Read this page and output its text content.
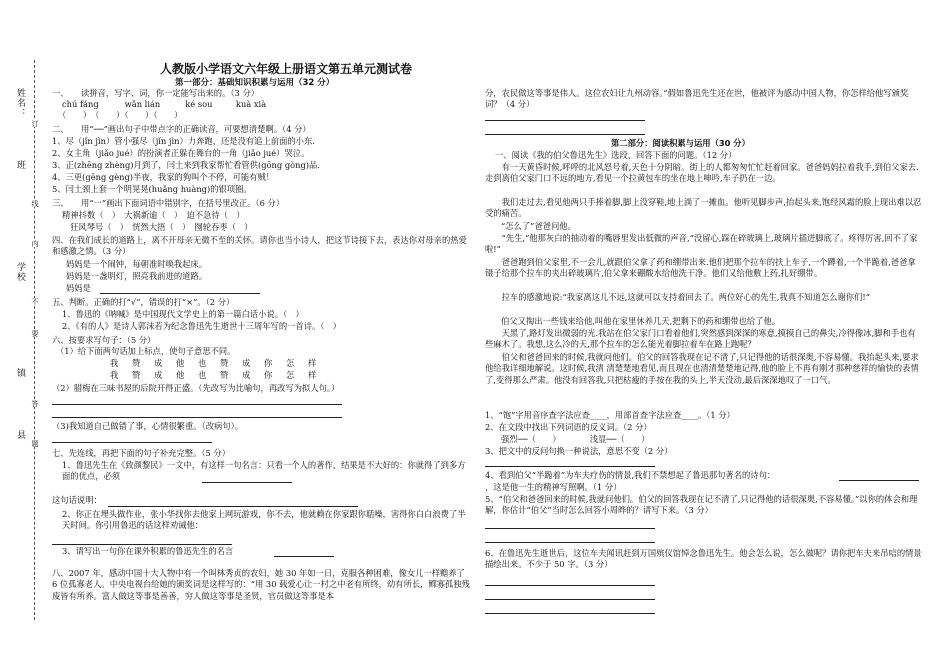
姓名：
班
学校
镇
县
订
线
内
不
要
答
题
人教版小学语文六年级上册语文第五单元测试卷
第一部分：基础知识积累与运用（32 分）
一、　　读拼音，写字、词，你一定能写出来的。（3 分）
chú fáng	wǎn lián	ké sou	kuà xià
（　　）　（　　）（　　）（　　）
二、　　用“──”画出句子中带点字的正确读音，可要想清楚啊。（4 分）
1、尽（jǐn jìn）管小强尽（jǐn jìn）力奔跑，还是没有追上前面的小东.
2、女主角（jiǎo jué）的扮演者正躲在舞台的一角（jiǎo jué）哭泣。
3、正(zhēng zhèng)月到了，闫土来到我家帮忙看管供(gōng gòng)品.
4、三更(gēng gèng)半夜，我家的狗叫个不停，可能有贼！
5、闫土颈上套一个明晃晃(huǎng huàng)的银项圈。
三、　　用“一”画出下面词语中错别字，在括号里改正。（6 分）
精神抖数（　）　大祸新逾（　）　迫不急待（　）
狂风琴号（　）　恍然大捂（　）　囫轮吞枣（　）
四、在我们成长的道路上，离不开母亲无微不至的关怀。请你也当小诗人，把这节诗接下去，表达你对母亲的热爱和感激之情。（3 分）
妈妈是一个闹钟，每朝准时唤我起床。
妈妈是一盏明灯，照亮我前进的道路。
妈妈是
五、判断。正确的打“√”，错误的打“×”。（2 分）
1、鲁迅的《呐喊》是中国现代文学史上的第一篇白话小说。（　）
2、《有的人》是诗人郭沫若为纪念鲁迅先生逝世十三周年写的一首诗。（　）
六、按要求写句子：（5 分）
（1）给下面两句话加上标点，使句子意思不同。
我 赞 成 他 也 赞 成 你 怎 样
我 赞 成 他 也 赞 成 你 怎 样
（2）腊梅在三味书屋的后院开得正盛。（先改写为比喻句，再改写为拟人句。）
（3)我知道自己做错了事，心情很繁重。（改病句）。
七、先连线，再把下面的句子补充完整。（5 分）
1、鲁迅先生在《致颜黎民》一文中，有这样一句名言：只看一个人的著作，结果是不大好的：你就得了到多方面的优点，必须
这句话说明：
2、你正在埋头做作业，张小华找你去他家上网玩游戏，你不去，他就赖在你家跟你聒噪，害得你白白浪费了半天时间。你引用鲁迅的话这样劝诫他：
3、请写出一句你在课外积累的鲁迅先生的名言
八、2007 年，感动中国十大人物中有一个叫林秀贞的农妇，她 30 年如一日，克服各种困难，像女儿一样赡养了 6 位孤寡老人。中央电视台给她的颁奖词是这样写的：“用 30 载爱心让一村之中老有所终，幼有所长，鳏寡孤独残废皆有所养。富人做这等事是善善，穷人做这等事是圣贤，官员做这等事是本
分，农民做这等事是伟人。这位农妇让九州动容。”假如鲁迅先生还在世，他被评为感动中国人物，你怎样给他写颁奖词？（4 分）
第二部分：阅读积累与运用（30 分）
一、阅读《我的伯父鲁迅先生》选段，回答下面的问题。（12 分）
有一天黄昏时候,呼呼的北风怒号着,天色十分阴暗。街上的人都匆匆忙忙赶着回家。爸爸妈妈拉着我手,到伯父家去.走到离伯父家门口不远的地方,看见一个拉黄包车的坐在地上呻吟,车子扔在一边。
我们走过去,看见他两只手捧着脚,脚上没穿鞋,地上淌了一摊血。他听见脚步声,抬起头来,饱经风霜的脸上现出难以忍受的痛苦。
“怎么了”爸爸问他。
“先生,”他那灰白的抽动着的嘴唇里发出低微的声音,“没留心,踩在碎玻璃上,玻璃片插进脚底了。疼得厉害,回不了家啦!”
爸爸跑到伯父家里,不一会儿,就跟伯父拿了药和绷带出来.他们把那个拉车的扶上车子,一个蹲着,一个半跪着,爸爸拿镊子给那个拉车的夹出碎玻璃片,伯父拿来硼酸水给他洗干净。他们又给他敷上药,扎好绷带。
拉车的感激地说:“我家离这儿不远,这就可以支持着回去了。两位好心的先生,我真不知道怎么谢你们!”
伯父又掏出一些钱来给他,叫他在家里休养几天,把剩下的药和绷带也给了他。
天黑了,路灯发出微弱的光.我站在伯父家门口看着他们,突然感到深深的寒意,摸摸自己的鼻尖,冷得像冰,脚和手也有些麻木了。我想,这么冷的天,那个拉车的怎么能光着脚拉着车在路上跑呢？
伯父和爸爸回来的时候,我就问他们。伯父的回答我现在记不清了,只记得他的话很深奥,不容易懂。我抬起头来,要求他给我详细地解说。这时候,我清 清楚楚地看见,而且现在也清清楚楚地记得,他的脸上不再有刚才那种慈祥的愉快的表情了,变得那么严肃。他没有回答我,只把枯瘦的手按在我的头上,半天没动,最后深深地叹了一口气。
1、“饱”字用音序查字法应查____，用部首查字法应查____。（1 分）
2、在文段中找出下列词语的反义词。（2 分）
强烈──（　　）　　　　浅显──（　　）
3、把文中的反问句换一种说法，意思不变（2 分）
4、看到伯父“半跪着”为车夫疗伤的情景,我们不禁想起了鲁迅那句著名的诗句：
，这是他一生的精神写照啊。（1 分）
5、“伯父和爸爸回来的时候,我就问他们。伯父的回答我现在记不清了,只记得他的话很深奥,不容易懂。”以你的体会和理解，你估计“伯父”当时怎么回答小周晔的？请写下来。（3 分）
6、在鲁迅先生逝世后，这位车夫闻讯赶到万国殡仪馆悼念鲁迅先生。他会怎么说，怎么做呢？请你把车夫来吊唁的情景描绘出来。不少于 50 字。（3 分）
